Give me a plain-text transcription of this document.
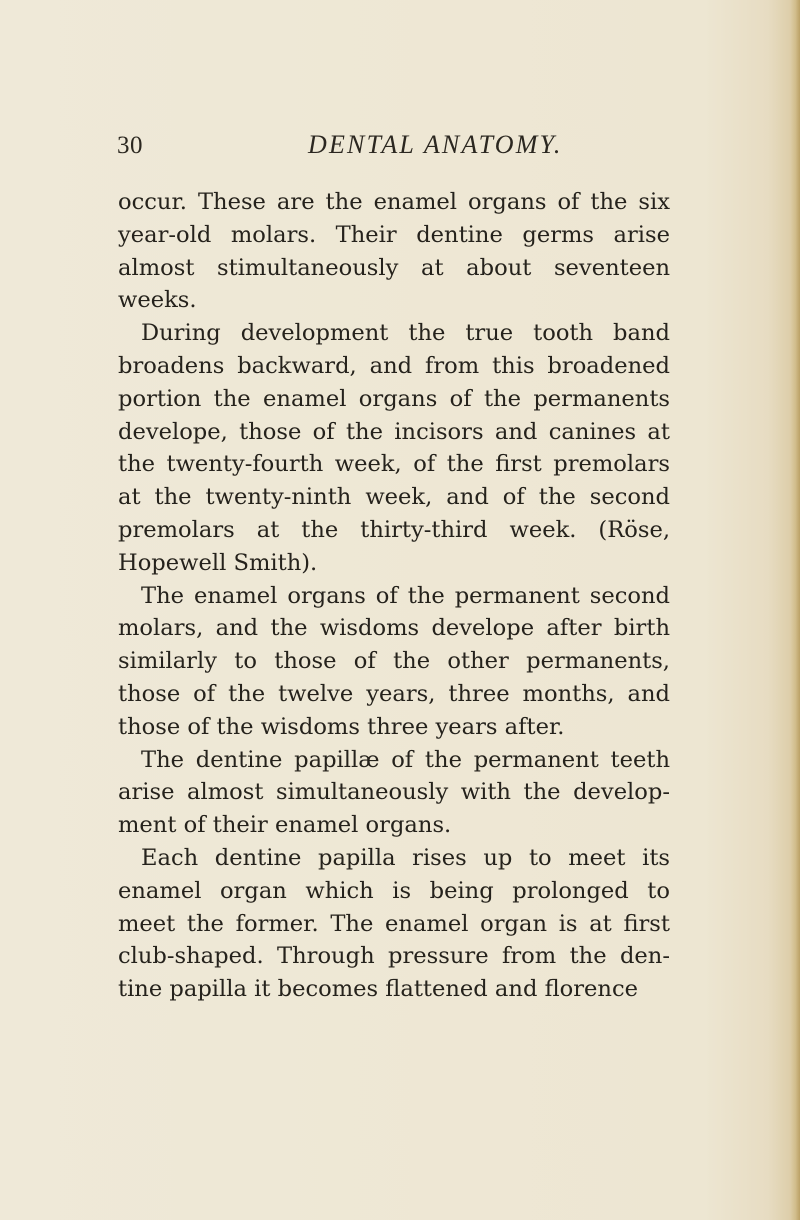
30	DENTAL ANATOMY.
occur. These are the enamel organs of the six
year-old molars. Their dentine germs arise
almost stimultaneously at about seventeen
weeks.
During development the true tooth band
broadens backward, and from this broadened
portion the enamel organs of the permanents
develope, those of the incisors and canines at
the twenty-fourth week, of the first premolars
at the twenty-ninth week, and of the second
premolars at the thirty-third week. (Röse,
Hopewell Smith).
The enamel organs of the permanent second
molars, and the wisdoms develope after birth
similarly to those of the other permanents,
those of the twelve years, three months, and
those of the wisdoms three years after.
The dentine papillæ of the permanent teeth
arise almost simultaneously with the develop-
ment of their enamel organs.
Each dentine papilla rises up to meet its
enamel organ which is being prolonged to
meet the former. The enamel organ is at first
club-shaped. Through pressure from the den-
tine papilla it becomes flattened and florence
